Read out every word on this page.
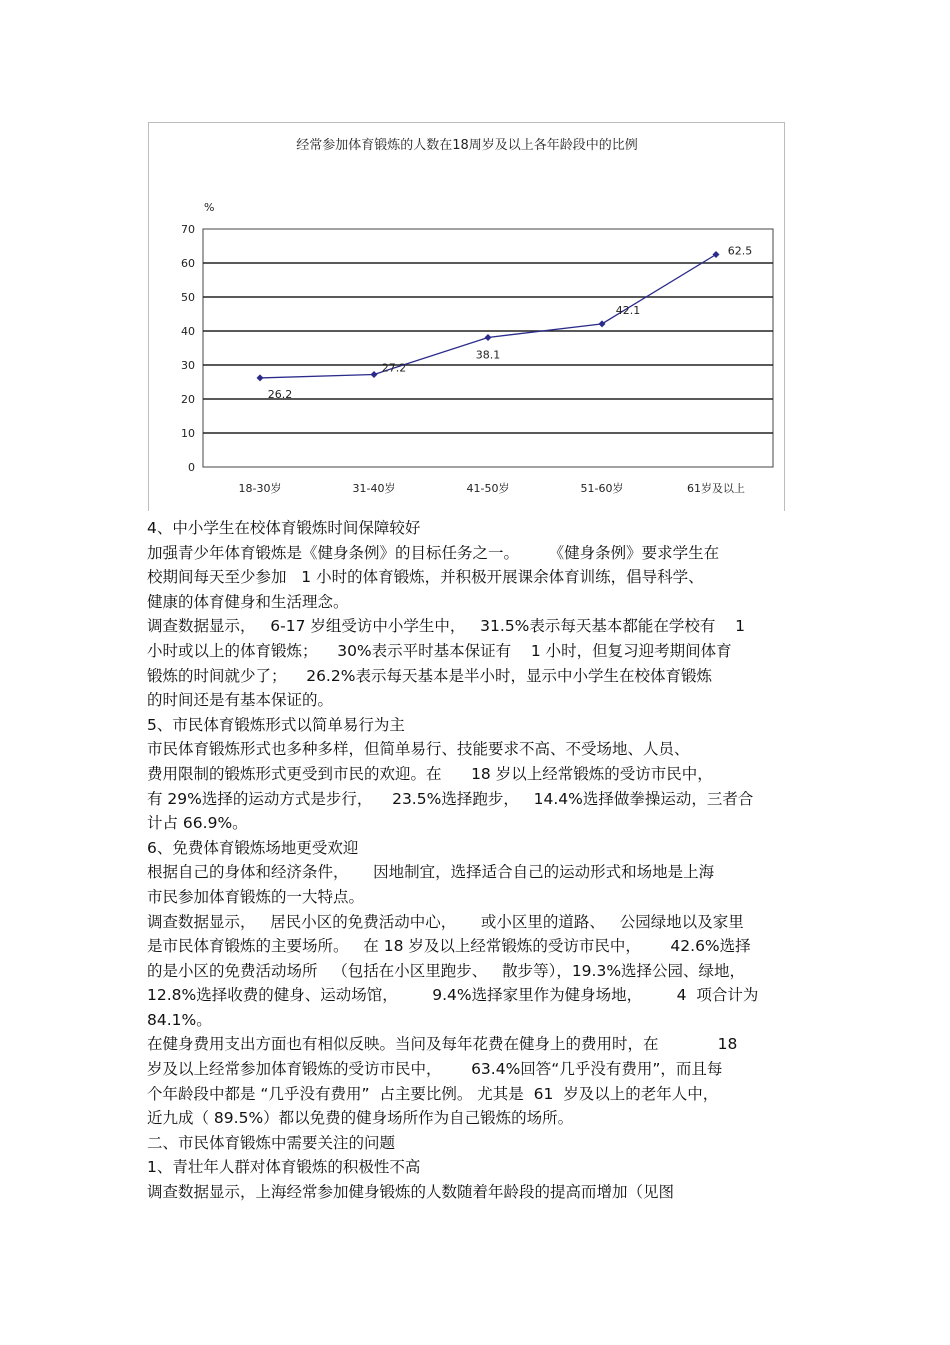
经常参加体育锻炼的人数在18周岁及以上各年龄段中的比例
%
0
10
20
30
40
50
60
70
18-30岁	31-40岁	41-50岁	51-60岁	61岁及以上
26.2
27.2
38.1
42.1
62.5

4、中小学生在校体育锻炼时间保障较好

加强青少年体育锻炼是《健身条例》的目标任务之一。      《健身条例》要求学生在

校期间每天至少参加   1 小时的体育锻炼，并积极开展课余体育训练，倡导科学、

健康的体育健身和生活理念。

调查数据显示，   6-17 岁组受访中小学生中，   31.5%表示每天基本都能在学校有    1

小时或以上的体育锻炼；    30%表示平时基本保证有    1 小时，但复习迎考期间体育

锻炼的时间就少了；    26.2%表示每天基本是半小时，显示中小学生在校体育锻炼

的时间还是有基本保证的。

5、市民体育锻炼形式以简单易行为主

市民体育锻炼形式也多种多样，但简单易行、技能要求不高、不受场地、人员、

费用限制的锻炼形式更受到市民的欢迎。在      18 岁以上经常锻炼的受访市民中，

有 29%选择的运动方式是步行，    23.5%选择跑步，   14.4%选择做拳操运动，三者合

计占 66.9%。

6、免费体育锻炼场地更受欢迎

根据自己的身体和经济条件，     因地制宜，选择适合自己的运动形式和场地是上海

市民参加体育锻炼的一大特点。

调查数据显示，   居民小区的免费活动中心，     或小区里的道路、   公园绿地以及家里

是市民体育锻炼的主要场所。   在 18 岁及以上经常锻炼的受访市民中，      42.6%选择

的是小区的免费活动场所   （包括在小区里跑步、   散步等），19.3%选择公园、绿地，

12.8%选择收费的健身、运动场馆，       9.4%选择家里作为健身场地，       4  项合计为

84.1%。

在健身费用支出方面也有相似反映。当问及每年花费在健身上的费用时，在            18

岁及以上经常参加体育锻炼的受访市民中，      63.4%回答“几乎没有费用”，而且每

个年龄段中都是 “几乎没有费用”  占主要比例。 尤其是  61  岁及以上的老年人中，

近九成（ 89.5%）都以免费的健身场所作为自己锻炼的场所。

二、市民体育锻炼中需要关注的问题

1、青壮年人群对体育锻炼的积极性不高

调查数据显示，上海经常参加健身锻炼的人数随着年龄段的提高而增加（见图
